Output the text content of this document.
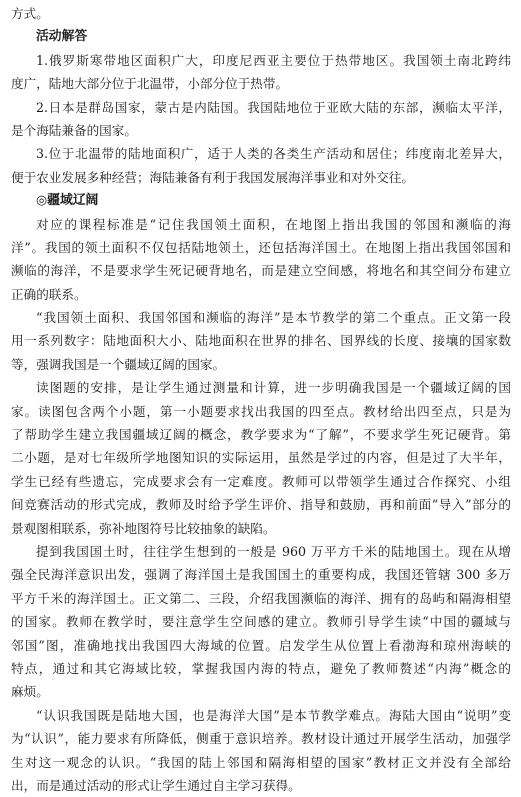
方式。
活动解答
1.俄罗斯寒带地区面积广大，印度尼西亚主要位于热带地区。我国领土南北跨纬
度广，陆地大部分位于北温带，小部分位于热带。
2.日本是群岛国家，蒙古是内陆国。我国陆地位于亚欧大陆的东部，濒临太平洋，
是个海陆兼备的国家。
3.位于北温带的陆地面积广，适于人类的各类生产活动和居住；纬度南北差异大，
便于农业发展多种经营；海陆兼备有利于我国发展海洋事业和对外交往。
◎疆域辽阔
对应的课程标准是“记住我国领土面积，在地图上指出我国的邻国和濒临的海
洋”。我国的领土面积不仅包括陆地领土，还包括海洋国土。在地图上指出我国邻国和
濒临的海洋，不是要求学生死记硬背地名，而是建立空间感，将地名和其空间分布建立
正确的联系。
“我国领土面积、我国邻国和濒临的海洋”是本节教学的第二个重点。正文第一段
用一系列数字：陆地面积大小、陆地面积在世界的排名、国界线的长度、接壤的国家数
等，强调我国是一个疆域辽阔的国家。
读图题的安排，是让学生通过测量和计算，进一步明确我国是一个疆域辽阔的国
家。读图包含两个小题，第一小题要求找出我国的四至点。教材给出四至点，只是为
了帮助学生建立我国疆域辽阔的概念，教学要求为“了解”，不要求学生死记硬背。第
二小题，是对七年级所学地图知识的实际运用，虽然是学过的内容，但是过了大半年，
学生已经有些遗忘，完成要求会有一定难度。教师可以带领学生通过合作探究、小组
间竞赛活动的形式完成，教师及时给予学生评价、指导和鼓励，再和前面“导入”部分的
景观图相联系，弥补地图符号比较抽象的缺陷。
提到我国国土时，往往学生想到的一般是 960 万平方千米的陆地国土。现在从增
强全民海洋意识出发，强调了海洋国土是我国国土的重要构成，我国还管辖 300 多万
平方千米的海洋国土。正文第二、三段，介绍我国濒临的海洋、拥有的岛屿和隔海相望
的国家。教师在教学时，要注意学生空间感的建立。教师引导学生读“中国的疆域与
邻国”图，准确地找出我国四大海域的位置。启发学生从位置上看渤海和琼州海峡的
特点，通过和其它海域比较，掌握我国内海的特点，避免了教师赘述“内海”概念的
麻烦。
“认识我国既是陆地大国，也是海洋大国”是本节教学难点。海陆大国由“说明”变
为“认识”，能力要求有所降低，侧重于意识培养。教材设计通过开展学生活动，加强学
生对这一观念的认识。“我国的陆上邻国和隔海相望的国家”教材正文并没有全部给
出，而是通过活动的形式让学生通过自主学习获得。
